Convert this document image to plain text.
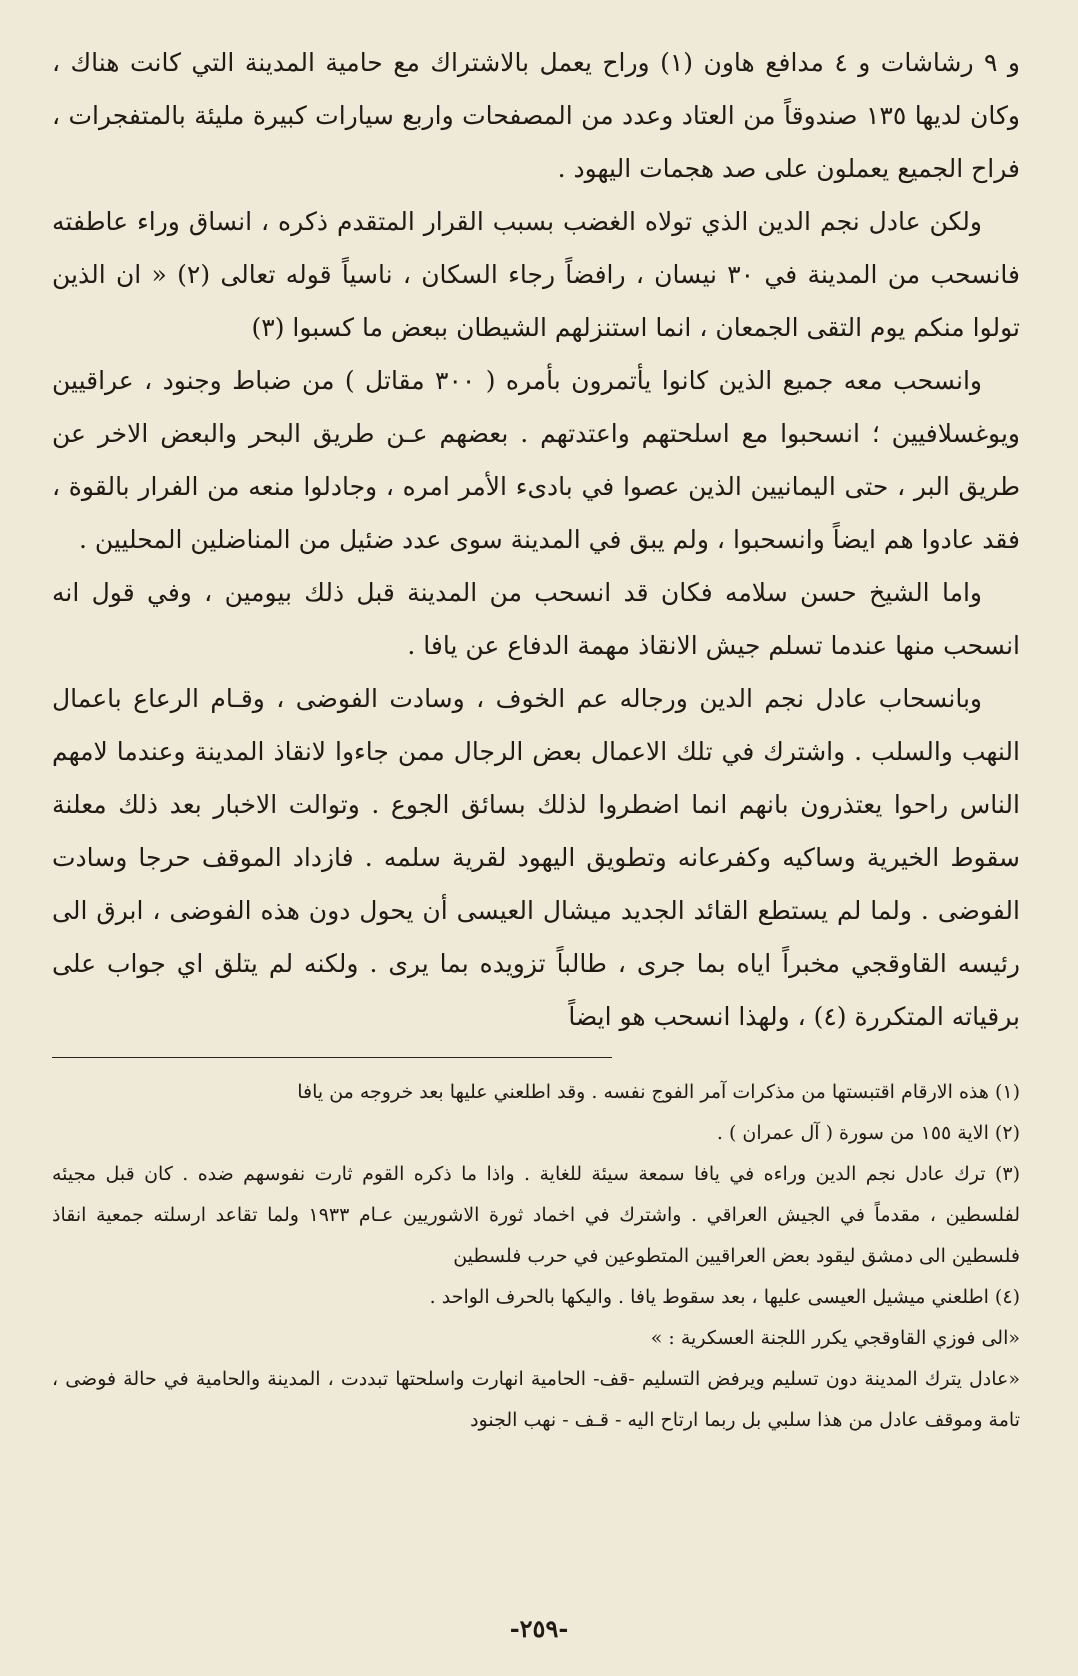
و ٩ رشاشات و ٤ مدافع هاون (١) وراح يعمل بالاشتراك مع حامية المدينة التي كانت هناك ، وكان لديها ١٣٥ صندوقاً من العتاد وعدد من المصفحات واربع سيارات كبيرة مليئة بالمتفجرات ، فراح الجميع يعملون على صد هجمات اليهود .

ولكن عادل نجم الدين الذي تولاه الغضب بسبب القرار المتقدم ذكره ، انساق وراء عاطفته فانسحب من المدينة في ٣٠ نيسان ، رافضاً رجاء السكان ، ناسياً قوله تعالى (٢) « ان الذين تولوا منكم يوم التقى الجمعان ، انما استنزلهم الشيطان ببعض ما كسبوا (٣)

وانسحب معه جميع الذين كانوا يأتمرون بأمره ( ٣٠٠ مقاتل ) من ضباط وجنود ، عراقيين ويوغسلافيين ؛ انسحبوا مع اسلحتهم واعتدتهم . بعضهم عـن طريق البحر والبعض الاخر عن طريق البر ، حتى اليمانيين الذين عصوا في بادىء الأمر امره ، وجادلوا منعه من الفرار بالقوة ، فقد عادوا هم ايضاً وانسحبوا ، ولم يبق في المدينة سوى عدد ضئيل من المناضلين المحليين .

واما الشيخ حسن سلامه فكان قد انسحب من المدينة قبل ذلك بيومين ، وفي قول انه انسحب منها عندما تسلم جيش الانقاذ مهمة الدفاع عن يافا .

وبانسحاب عادل نجم الدين ورجاله عم الخوف ، وسادت الفوضى ، وقـام الرعاع باعمال النهب والسلب . واشترك في تلك الاعمال بعض الرجال ممن جاءوا لانقاذ المدينة وعندما لامهم الناس راحوا يعتذرون بانهم انما اضطروا لذلك بسائق الجوع . وتوالت الاخبار بعد ذلك معلنة سقوط الخيرية وساكيه وكفرعانه وتطويق اليهود لقرية سلمه . فازداد الموقف حرجا وسادت الفوضى . ولما لم يستطع القائد الجديد ميشال العيسى أن يحول دون هذه الفوضى ، ابرق الى رئيسه القاوقجي مخبراً اياه بما جرى ، طالباً تزويده بما يرى . ولكنه لم يتلق اي جواب على برقياته المتكررة (٤) ، ولهذا انسحب هو ايضاً

(١) هذه الارقام اقتبستها من مذكرات آمر الفوج نفسه . وقد اطلعني عليها بعد خروجه من يافا

(٢) الاية ١٥٥ من سورة ( آل عمران ) .

(٣) ترك عادل نجم الدين وراءه في يافا سمعة سيئة للغاية . واذا ما ذكره القوم ثارت نفوسهم ضده . كان قبل مجيئه لفلسطين ، مقدماً في الجيش العراقي . واشترك في اخماد ثورة الاشوريين عـام ١٩٣٣ ولما تقاعد ارسلته جمعية انقاذ فلسطين الى دمشق ليقود بعض العراقيين المتطوعين في حرب فلسطين

(٤) اطلعني ميشيل العيسى عليها ، بعد سقوط يافا . واليكها بالحرف الواحد .

«الى فوزي القاوقجي يكرر اللجنة العسكرية : »

«عادل يترك المدينة دون تسليم ويرفض التسليم -قف- الحامية انهارت واسلحتها تبددت ، المدينة والحامية في حالة فوضى ، تامة وموقف عادل من هذا سلبي بل ربما ارتاح اليه - قـف - نهب الجنود

-٢٥٩-
